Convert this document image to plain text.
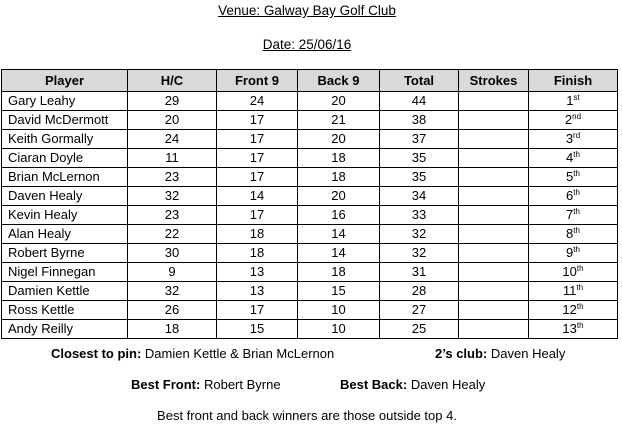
Venue: Galway Bay Golf Club
Date: 25/06/16
Player	H/C	Front 9	Back 9	Total	Strokes	Finish
Gary Leahy	29	24	20	44		1st
David McDermott	20	17	21	38		2nd
Keith Gormally	24	17	20	37		3rd
Ciaran Doyle	11	17	18	35		4th
Brian McLernon	23	17	18	35		5th
Daven Healy	32	14	20	34		6th
Kevin Healy	23	17	16	33		7th
Alan Healy	22	18	14	32		8th
Robert Byrne	30	18	14	32		9th
Nigel Finnegan	9	13	18	31		10th
Damien Kettle	32	13	15	28		11th
Ross Kettle	26	17	10	27		12th
Andy Reilly	18	15	10	25		13th
Closest to pin: Damien Kettle & Brian McLernon	2’s club: Daven Healy
Best Front: Robert Byrne	Best Back: Daven Healy
Best front and back winners are those outside top 4.
